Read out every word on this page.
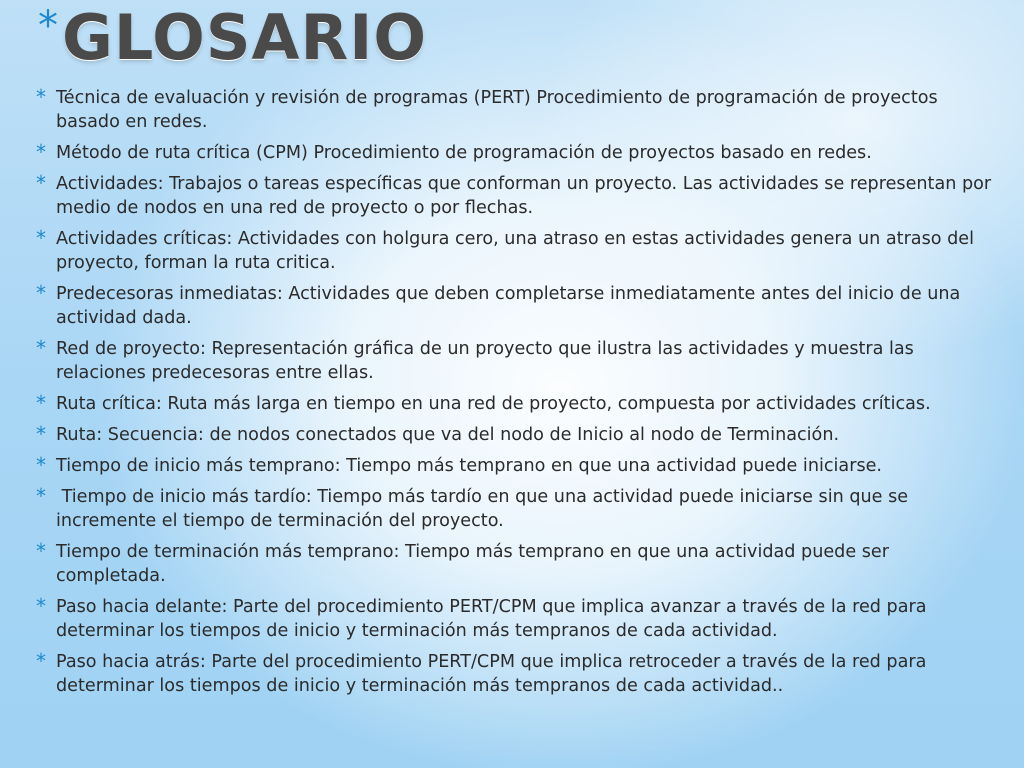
* GLOSARIO
* Técnica de evaluación y revisión de programas (PERT) Procedimiento de programación de proyectos basado en redes.
* Método de ruta crítica (CPM) Procedimiento de programación de proyectos basado en redes.
* Actividades: Trabajos o tareas específicas que conforman un proyecto. Las actividades se representan por medio de nodos en una red de proyecto o por flechas.
* Actividades críticas: Actividades con holgura cero, una atraso en estas actividades genera un atraso del proyecto, forman la ruta critica.
* Predecesoras inmediatas: Actividades que deben completarse inmediatamente antes del inicio de una actividad dada.
* Red de proyecto: Representación gráfica de un proyecto que ilustra las actividades y muestra las relaciones predecesoras entre ellas.
* Ruta crítica: Ruta más larga en tiempo en una red de proyecto, compuesta por actividades críticas.
* Ruta: Secuencia: de nodos conectados que va del nodo de Inicio al nodo de Terminación.
* Tiempo de inicio más temprano: Tiempo más temprano en que una actividad puede iniciarse.
* Tiempo de inicio más tardío: Tiempo más tardío en que una actividad puede iniciarse sin que se incremente el tiempo de terminación del proyecto.
* Tiempo de terminación más temprano: Tiempo más temprano en que una actividad puede ser completada.
* Paso hacia delante: Parte del procedimiento PERT/CPM que implica avanzar a través de la red para determinar los tiempos de inicio y terminación más tempranos de cada actividad.
* Paso hacia atrás: Parte del procedimiento PERT/CPM que implica retroceder a través de la red para determinar los tiempos de inicio y terminación más tempranos de cada actividad..
